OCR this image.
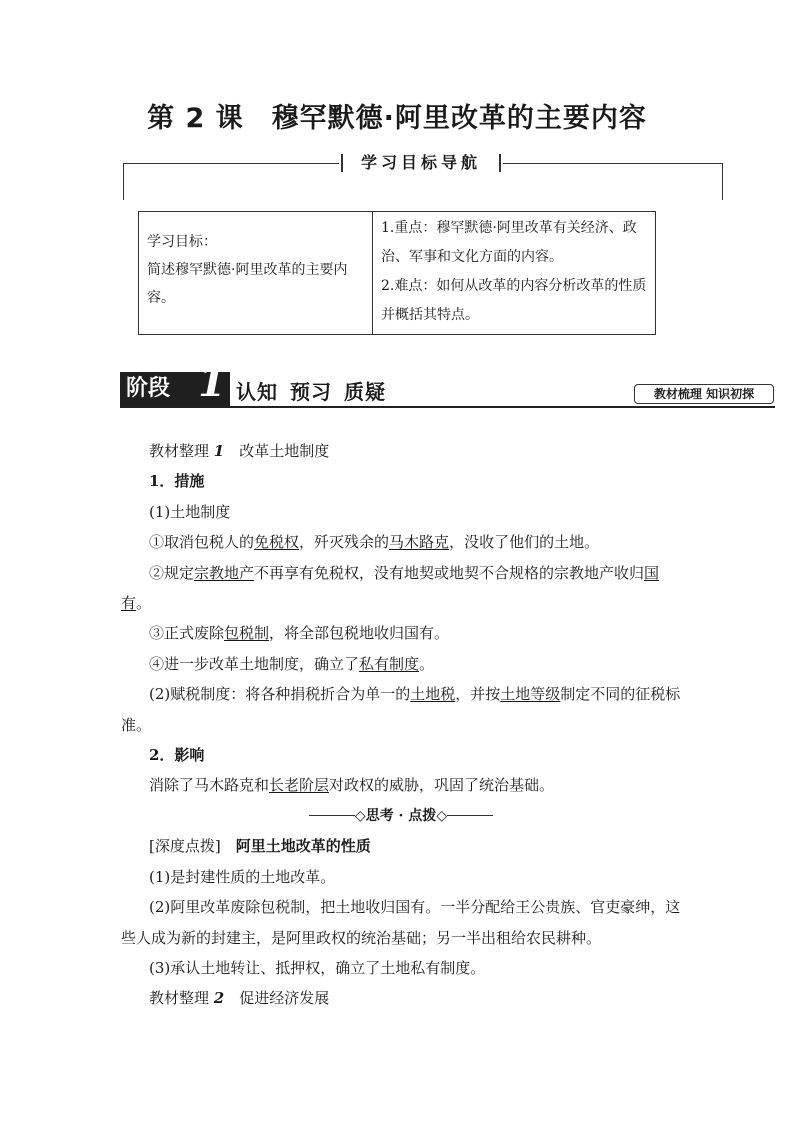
第 2 课 穆罕默德·阿里改革的主要内容
学习目标导航
学习目标：
简述穆罕默德·阿里改革的主要内容。
1.重点：穆罕默德·阿里改革有关经济、政治、军事和文化方面的内容。
2.难点：如何从改革的内容分析改革的性质并概括其特点。
阶段 1 认知 预习 质疑	教材梳理 知识初探

教材整理 1　 改革土地制度

1．措施

(1)土地制度

①取消包税人的免税权，歼灭残余的马木路克，没收了他们的土地。

②规定宗教地产不再享有免税权，没有地契或地契不合规格的宗教地产收归国有。

③正式废除包税制，将全部包税地收归国有。

④进一步改革土地制度，确立了私有制度。

(2)赋税制度：将各种捐税折合为单一的土地税，并按土地等级制定不同的征税标准。

2．影响

消除了马木路克和长老阶层对政权的威胁，巩固了统治基础。

◇思考 · 点拨◇

[深度点拨]　 阿里土地改革的性质

(1)是封建性质的土地改革。

(2)阿里改革废除包税制，把土地收归国有。一半分配给王公贵族、官吏豪绅，这些人成为新的封建主，是阿里政权的统治基础；另一半出租给农民耕种。

(3)承认土地转让、抵押权，确立了土地私有制度。

教材整理 2　 促进经济发展
